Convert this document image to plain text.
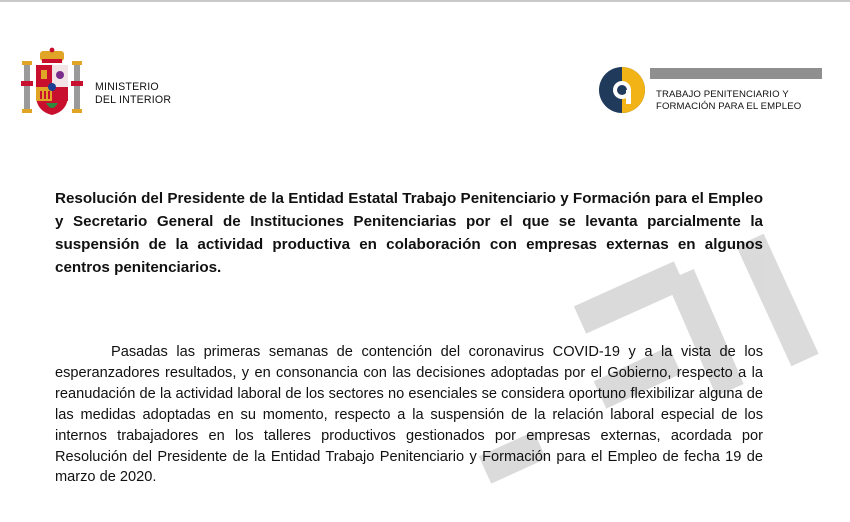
MINISTERIO
DEL INTERIOR	TRABAJO PENITENCIARIO Y
FORMACIÓN PARA EL EMPLEO
Resolución del Presidente de la Entidad Estatal Trabajo Penitenciario y Formación para el Empleo y Secretario General de Instituciones Penitenciarias por el que se levanta parcialmente la suspensión de la actividad productiva en colaboración con empresas externas en algunos centros penitenciarios.
Pasadas las primeras semanas de contención del coronavirus COVID-19 y a la vista de los esperanzadores resultados, y en consonancia con las decisiones adoptadas por el Gobierno, respecto a la reanudación de la actividad laboral de los sectores no esenciales se considera oportuno flexibilizar alguna de las medidas adoptadas en su momento, respecto a la suspensión de la relación laboral especial de los internos trabajadores en los talleres productivos gestionados por empresas externas, acordada por Resolución del Presidente de la Entidad Trabajo Penitenciario y Formación para el Empleo de fecha 19 de marzo de 2020.
